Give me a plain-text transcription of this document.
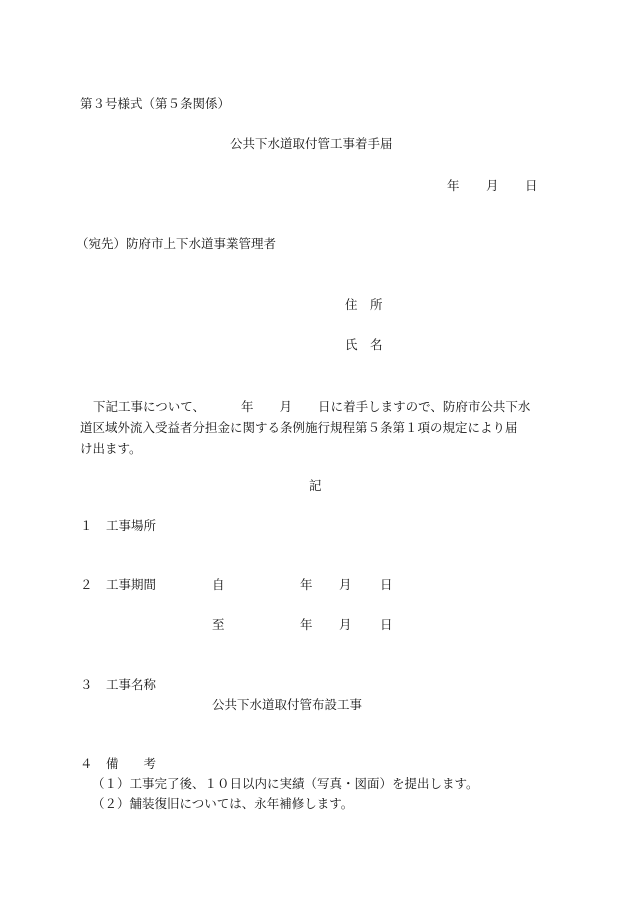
第３号様式（第５条関係）
公共下水道取付管工事着手届
年 月 日
（宛先）防府市上下水道事業管理者
住　所
氏　名
下記工事について、	年 月 日に着手しますので、防府市公共下水
道区域外流入受益者分担金に関する条例施行規程第５条第１項の規定により届
け出ます。
記
１ 工事場所
２ 工事期間	自	年 月 日
至	年 月 日
３ 工事名称
公共下水道取付管布設工事
４ 備　　考
（１）工事完了後、１０日以内に実績（写真・図面）を提出します。
（２）舗装復旧については、永年補修します。
